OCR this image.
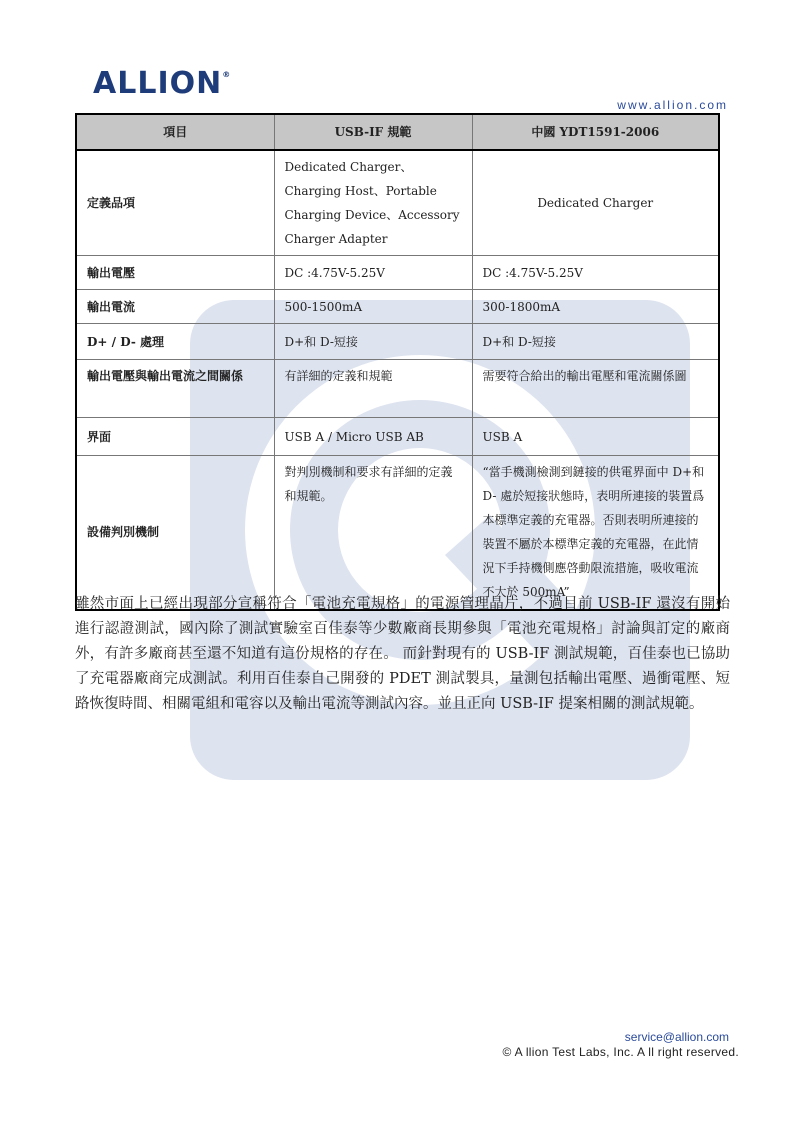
ALLION®
www.allion.com
項目	USB-IF 規範	中國 YDT1591-2006
定義品項	Dedicated Charger、Charging Host、Portable Charging Device、Accessory Charger Adapter	Dedicated Charger
輸出電壓	DC :4.75V-5.25V	DC :4.75V-5.25V
輸出電流	500-1500mA	300-1800mA
D+ / D- 處理	D+和 D-短接	D+和 D-短接
輸出電壓與輸出電流之間關係	有詳細的定義和規範	需要符合給出的輸出電壓和電流關係圖
界面	USB A / Micro USB AB	USB A
設備判別機制	對判別機制和要求有詳細的定義和規範。	“當手機測檢測到鏈接的供電界面中 D+和 D- 處於短接狀態時，表明所連接的裝置爲本標準定義的充電器。否則表明所連接的裝置不屬於本標準定義的充電器，在此情況下手持機側應啓動限流措施，吸收電流不大於 500mA”

雖然市面上已經出現部分宣稱符合「電池充電規格」的電源管理晶片，不過目前 USB-IF 還沒有開始進行認證測試，國內除了測試實驗室百佳泰等少數廠商長期參與「電池充電規格」討論與訂定的廠商外，有許多廠商甚至還不知道有這份規格的存在。 而針對現有的 USB-IF 測試規範，百佳泰也已協助了充電器廠商完成測試。利用百佳泰自己開發的 PDET 測試製具，量測包括輸出電壓、過衝電壓、短路恢復時間、相關電組和電容以及輸出電流等測試內容。並且正向 USB-IF 提案相關的測試規範。

service@allion.com
© A llion Test Labs, Inc. A ll right reserved.
